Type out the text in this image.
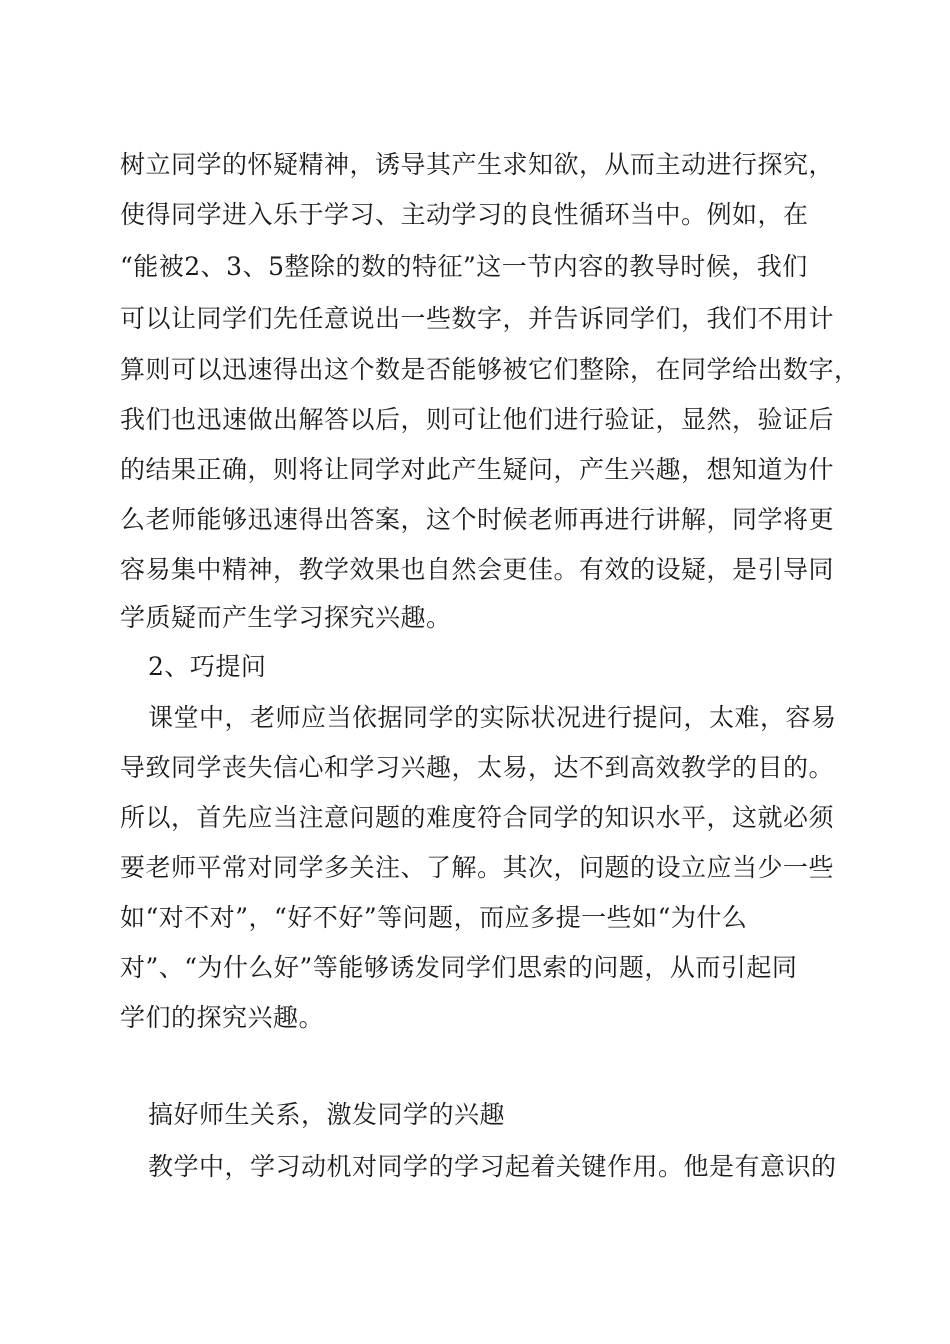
树立同学的怀疑精神，诱导其产生求知欲，从而主动进行探究，
使得同学进入乐于学习、主动学习的良性循环当中。例如，在
“能被2、3、5整除的数的特征”这一节内容的教导时候，我们
可以让同学们先任意说出一些数字，并告诉同学们，我们不用计
算则可以迅速得出这个数是否能够被它们整除，在同学给出数字，
我们也迅速做出解答以后，则可让他们进行验证，显然，验证后
的结果正确，则将让同学对此产生疑问，产生兴趣，想知道为什
么老师能够迅速得出答案，这个时候老师再进行讲解，同学将更
容易集中精神，教学效果也自然会更佳。有效的设疑，是引导同
学质疑而产生学习探究兴趣。
2、巧提问
课堂中，老师应当依据同学的实际状况进行提问，太难，容易
导致同学丧失信心和学习兴趣，太易，达不到高效教学的目的。
所以，首先应当注意问题的难度符合同学的知识水平，这就必须
要老师平常对同学多关注、了解。其次，问题的设立应当少一些
如“对不对”，“好不好”等问题，而应多提一些如“为什么
对”、“为什么好”等能够诱发同学们思索的问题，从而引起同
学们的探究兴趣。
搞好师生关系，激发同学的兴趣
教学中，学习动机对同学的学习起着关键作用。他是有意识的
